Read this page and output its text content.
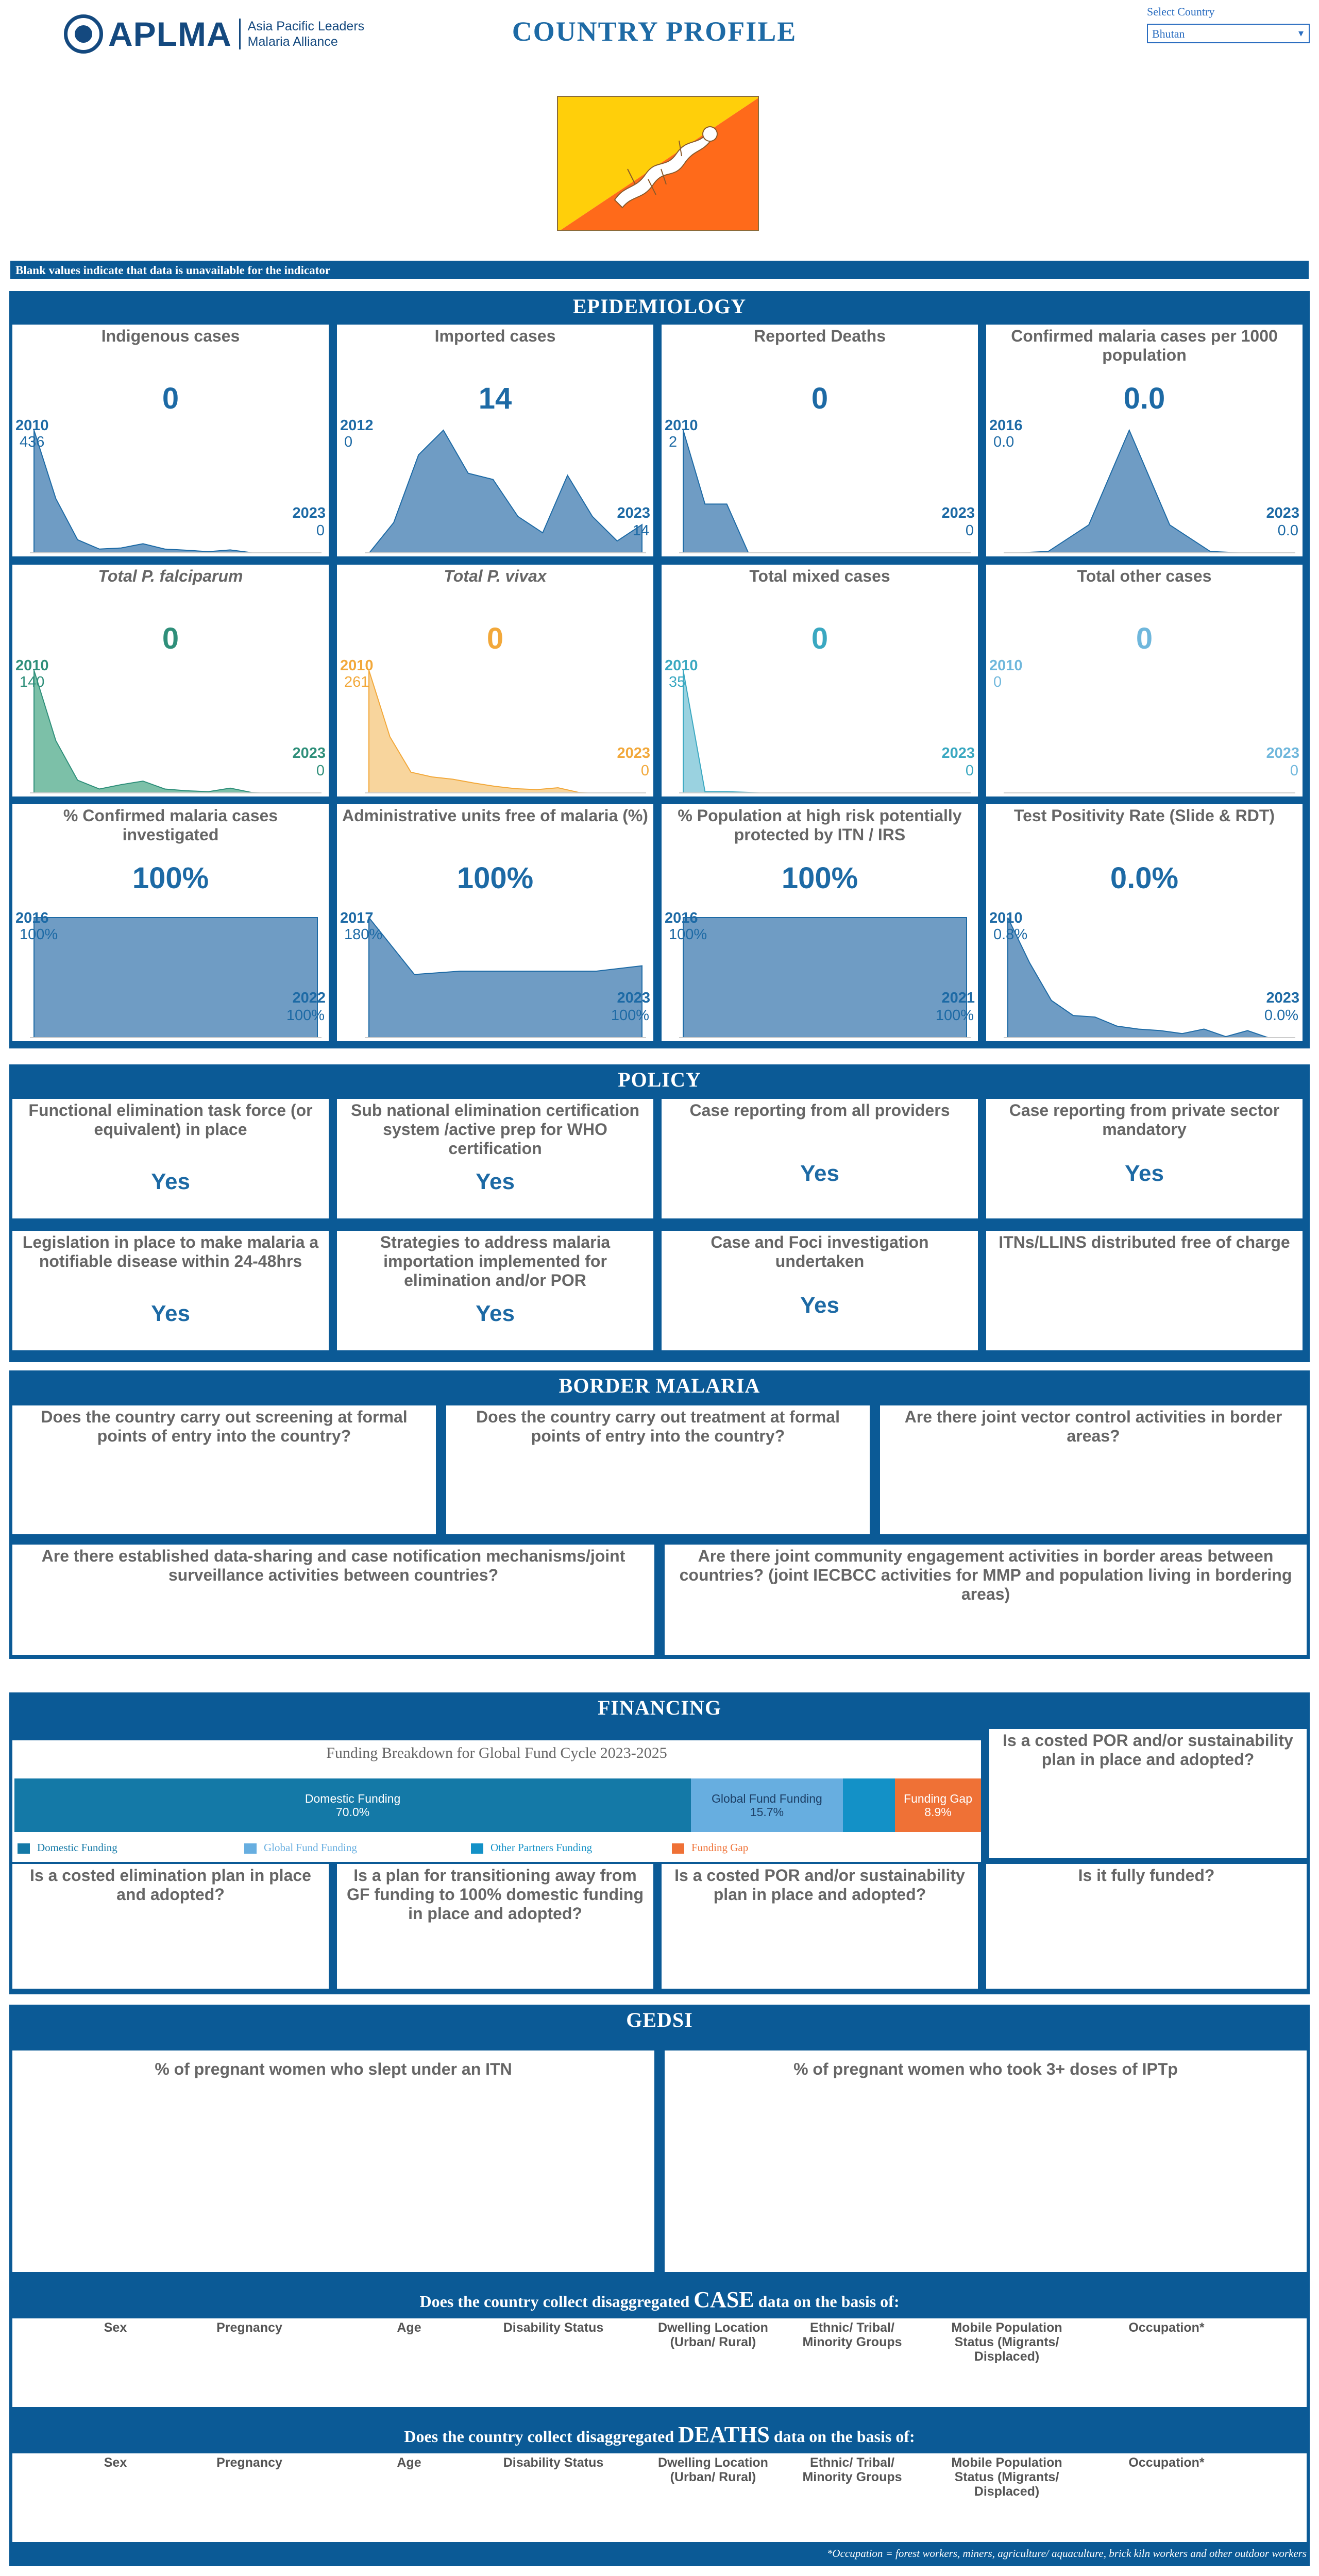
APLMA Asia Pacific Leaders
Malaria Alliance	COUNTRY PROFILE
Select Country
Bhutan	▾
Blank values indicate that data is unavailable for the indicator
EPIDEMIOLOGY
POLICY
BORDER MALARIA
FINANCING
Funding Breakdown for Global Fund Cycle 2023-2025
Domestic Funding
70.0%
Global Fund Funding
15.7%
Funding Gap
8.9%
Domestic Funding	Global Fund Funding	Other Partners Funding	Funding Gap
GEDSI
% of pregnant women who slept under an ITN	% of pregnant women who took 3+ doses of IPTp
Does the country collect disaggregated CASE data on the basis of:
Sex	Pregnancy	Age	Disability Status	Dwelling Location (Urban/ Rural)
Ethnic/ Tribal/ Minority Groups
Mobile Population Status (Migrants/ Displaced)
Occupation*
Does the country collect disaggregated DEATHS data on the basis of:
Sex	Pregnancy	Age	Disability Status	Dwelling Location (Urban/ Rural)
Ethnic/ Tribal/ Minority Groups
Mobile Population Status (Migrants/ Displaced)
Occupation*
*Occupation = forest workers, miners, agriculture/ aquaculture, brick kiln workers and other outdoor workers
Indigenous cases
0
2010
436
2023
0
Imported cases
14
2012
0
2023
14
Reported Deaths
0
2010
2
2023
0
Confirmed malaria cases per 1000 population
0.0
2016
0.0
2023
0.0
Total P. falciparum
0
2010
140
2023
0
Total P. vivax
0
2010
261
2023
0
Total mixed cases
0
2010
35
2023
0
Total other cases
0
2010
0
2023
0
% Confirmed malaria cases investigated
100%
2016
100%
2022
100%
Administrative units free of malaria (%)
100%
2017
180%
2023
100%
% Population at high risk potentially protected by ITN / IRS
100%
2016
100%
2021
100%
Test Positivity Rate (Slide & RDT)
0.0%
2010
0.8%
2023
0.0%
Functional elimination task force (or equivalent) in place
Yes
Sub national elimination certification system /active prep for WHO certification
Yes
Case reporting from all providers
Yes
Case reporting from private sector mandatory
Yes
Legislation in place to make malaria a notifiable disease within 24-48hrs
Yes
Strategies to address malaria importation implemented for elimination and/or POR
Yes
Case and Foci investigation undertaken
Yes
ITNs/LLINS distributed free of charge
Does the country carry out screening at formal points of entry into the country?
Does the country carry out treatment at formal points of entry into the country?
Are there joint vector control activities in border areas?
Are there established data-sharing and case notification mechanisms/joint surveillance activities between countries?
Are there joint community engagement activities in border areas between countries? (joint IECBCC activities for MMP and population living in bordering areas)
Is a costed POR and/or sustainability plan in place and adopted?
Is a costed elimination plan in place and adopted?
Is a plan for transitioning away from GF funding to 100% domestic funding in place and adopted?
Is a costed POR and/or sustainability plan in place and adopted?
Is it fully funded?
